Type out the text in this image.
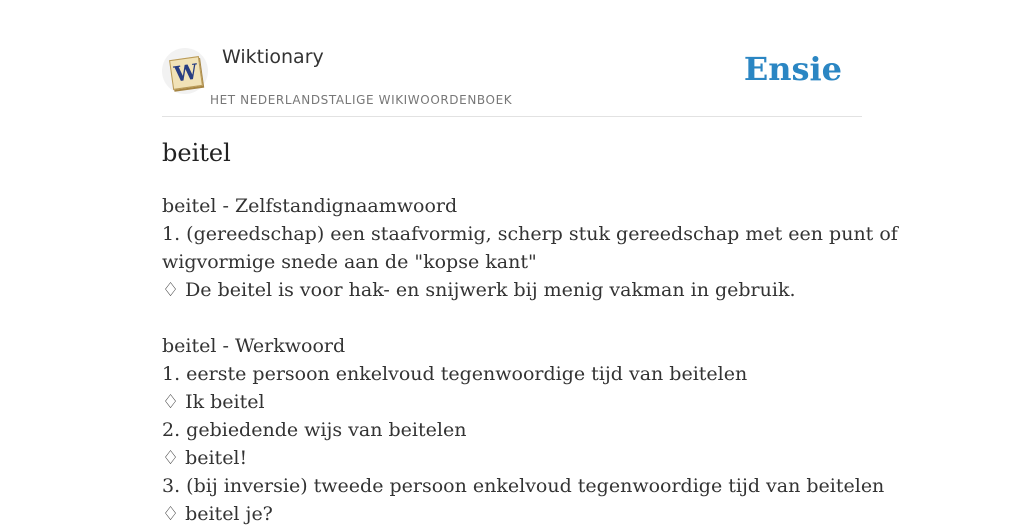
W
Wiktionary
HET NEDERLANDSTALIGE WIKIWOORDENBOEK
Ensie
beitel
beitel - Zelfstandignaamwoord
1. (gereedschap) een staafvormig, scherp stuk gereedschap met een punt of
wigvormige snede aan de "kopse kant"
♢ De beitel is voor hak- en snijwerk bij menig vakman in gebruik.
beitel - Werkwoord
1. eerste persoon enkelvoud tegenwoordige tijd van beitelen
♢ Ik beitel
2. gebiedende wijs van beitelen
♢ beitel!
3. (bij inversie) tweede persoon enkelvoud tegenwoordige tijd van beitelen
♢ beitel je?
